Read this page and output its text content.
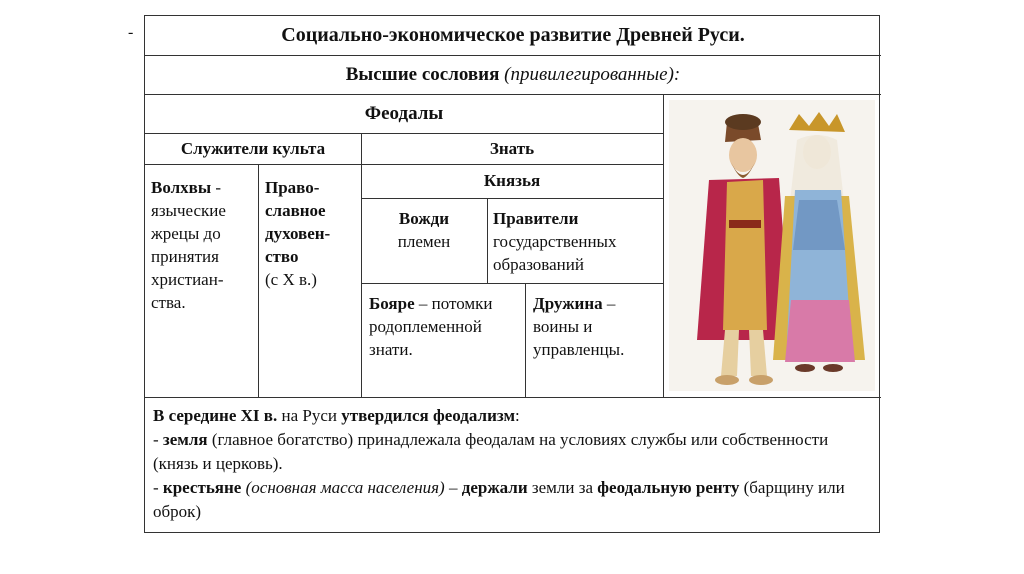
-	Социально-экономическое развитие Древней Руси.
Высшие сословия (привилегированные):
Феодалы
Служители культа	Знать
Князья
Волхвы - языческие жрецы до принятия христиан- ства.
Право- славное духовен- ство
(с X в.)
Вожди
племен
Правители
государственных образований
Бояре – потомки родоплеменной знати.
Дружина – воины и управленцы.
В середине XI в. на Руси утвердился феодализм:
- земля (главное богатство) принадлежала феодалам на условиях службы или собственности (князь и церковь).
- крестьяне (основная масса населения) – держали земли за феодальную ренту (барщину или оброк)
